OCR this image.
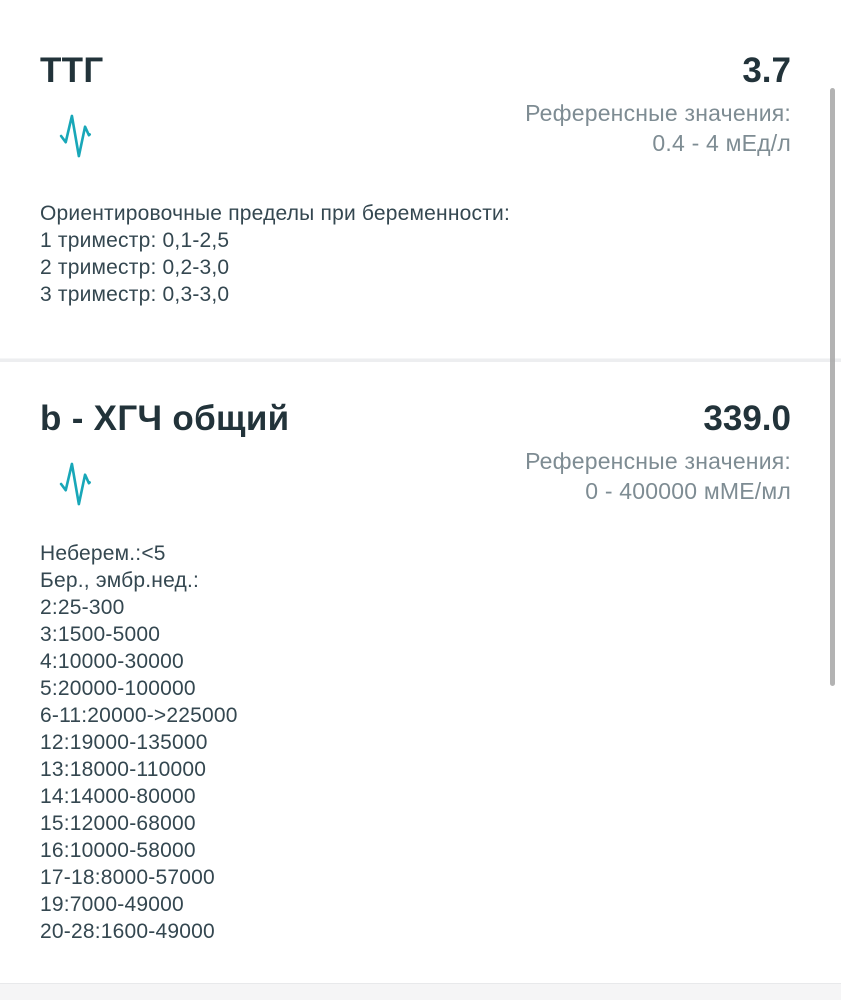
ТТГ	3.7
Референсные значения:
0.4 - 4 мЕд/л
Ориентировочные пределы при беременности:
1 триместр: 0,1-2,5
2 триместр: 0,2-3,0
3 триместр: 0,3-3,0
b - ХГЧ общий	339.0
Референсные значения:
0 - 400000 мМЕ/мл
Неберем.:<5
Бер., эмбр.нед.:
2:25-300
3:1500-5000
4:10000-30000
5:20000-100000
6-11:20000->225000
12:19000-135000
13:18000-110000
14:14000-80000
15:12000-68000
16:10000-58000
17-18:8000-57000
19:7000-49000
20-28:1600-49000
